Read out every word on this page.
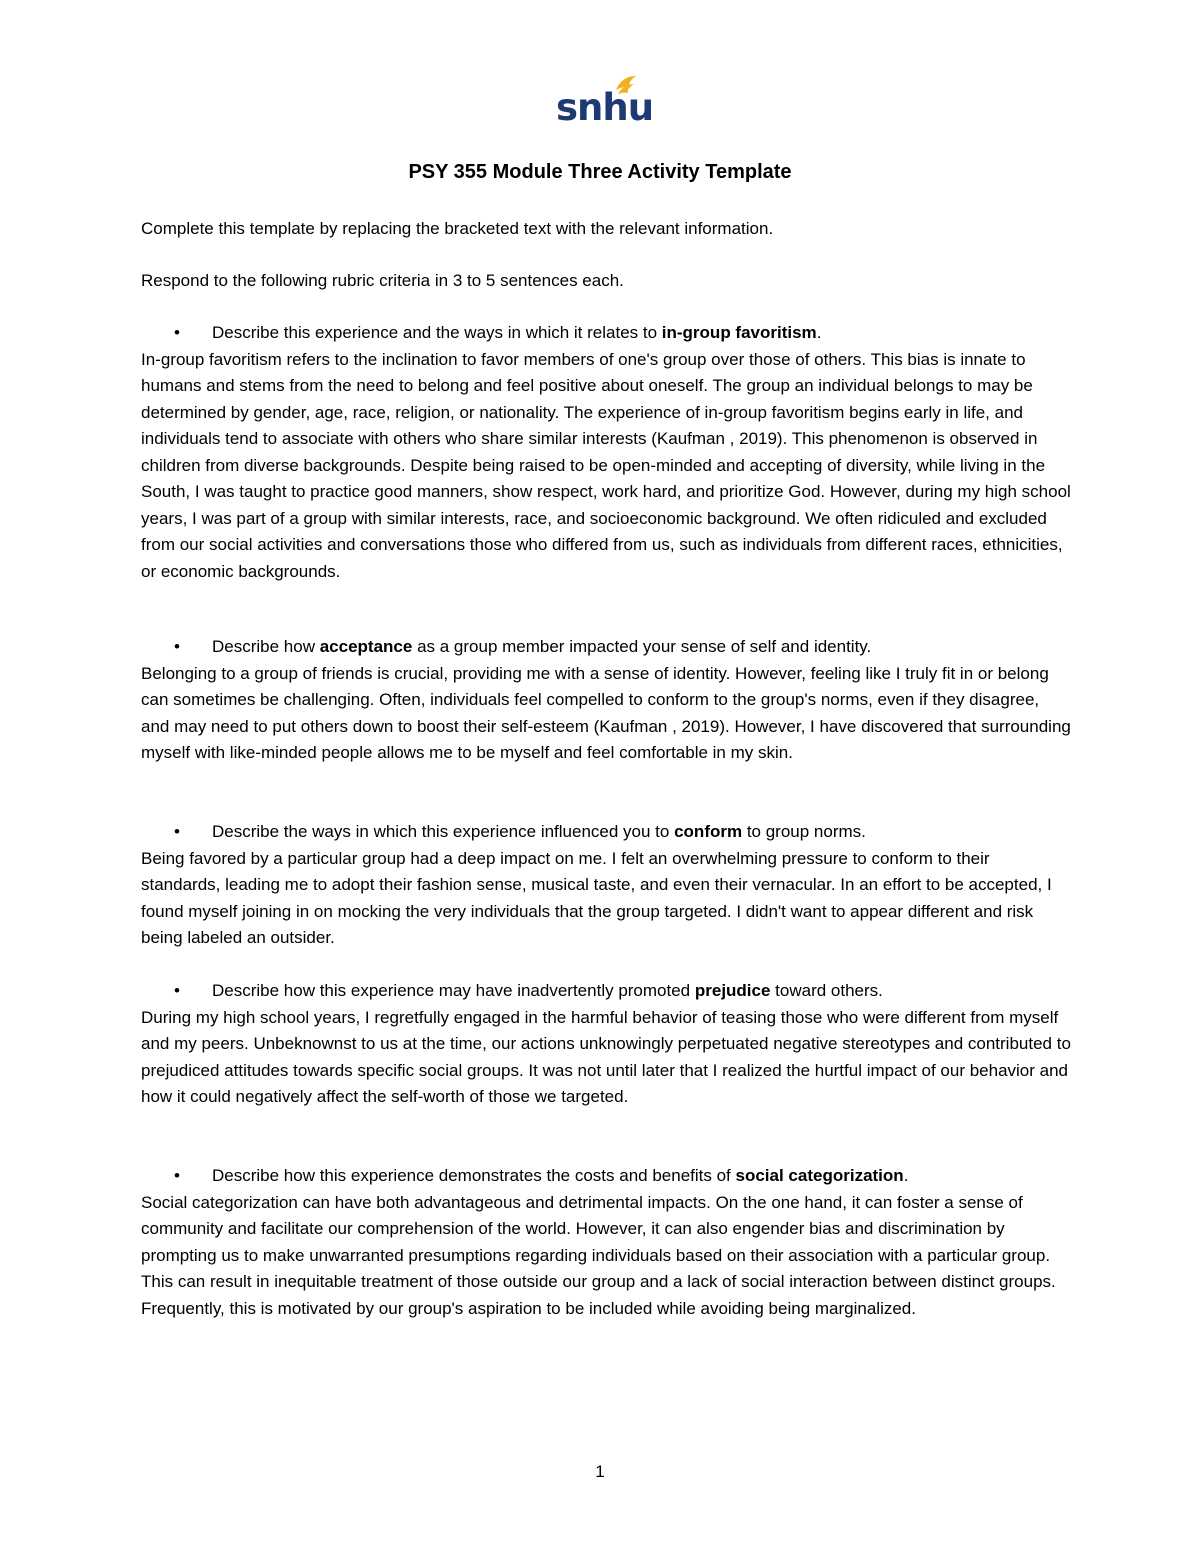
snhu
PSY 355 Module Three Activity Template

Complete this template by replacing the bracketed text with the relevant information.

Respond to the following rubric criteria in 3 to 5 sentences each.

• Describe this experience and the ways in which it relates to in-group favoritism.

In-group favoritism refers to the inclination to favor members of one's group over those of others. This bias is innate to humans and stems from the need to belong and feel positive about oneself. The group an individual belongs to may be determined by gender, age, race, religion, or nationality. The experience of in-group favoritism begins early in life, and individuals tend to associate with others who share similar interests (Kaufman , 2019). This phenomenon is observed in children from diverse backgrounds. Despite being raised to be open-minded and accepting of diversity, while living in the South, I was taught to practice good manners, show respect, work hard, and prioritize God. However, during my high school years, I was part of a group with similar interests, race, and socioeconomic background. We often ridiculed and excluded from our social activities and conversations those who differed from us, such as individuals from different races, ethnicities, or economic backgrounds.

• Describe how acceptance as a group member impacted your sense of self and identity.

Belonging to a group of friends is crucial, providing me with a sense of identity. However, feeling like I truly fit in or belong can sometimes be challenging. Often, individuals feel compelled to conform to the group's norms, even if they disagree, and may need to put others down to boost their self-esteem (Kaufman , 2019). However, I have discovered that surrounding myself with like-minded people allows me to be myself and feel comfortable in my skin.

• Describe the ways in which this experience influenced you to conform to group norms.

Being favored by a particular group had a deep impact on me. I felt an overwhelming pressure to conform to their standards, leading me to adopt their fashion sense, musical taste, and even their vernacular. In an effort to be accepted, I found myself joining in on mocking the very individuals that the group targeted. I didn't want to appear different and risk being labeled an outsider.

• Describe how this experience may have inadvertently promoted prejudice toward others.

During my high school years, I regretfully engaged in the harmful behavior of teasing those who were different from myself and my peers. Unbeknownst to us at the time, our actions unknowingly perpetuated negative stereotypes and contributed to prejudiced attitudes towards specific social groups. It was not until later that I realized the hurtful impact of our behavior and how it could negatively affect the self-worth of those we targeted.

• Describe how this experience demonstrates the costs and benefits of social categorization.

Social categorization can have both advantageous and detrimental impacts. On the one hand, it can foster a sense of community and facilitate our comprehension of the world. However, it can also engender bias and discrimination by prompting us to make unwarranted presumptions regarding individuals based on their association with a particular group. This can result in inequitable treatment of those outside our group and a lack of social interaction between distinct groups. Frequently, this is motivated by our group's aspiration to be included while avoiding being marginalized.

1
